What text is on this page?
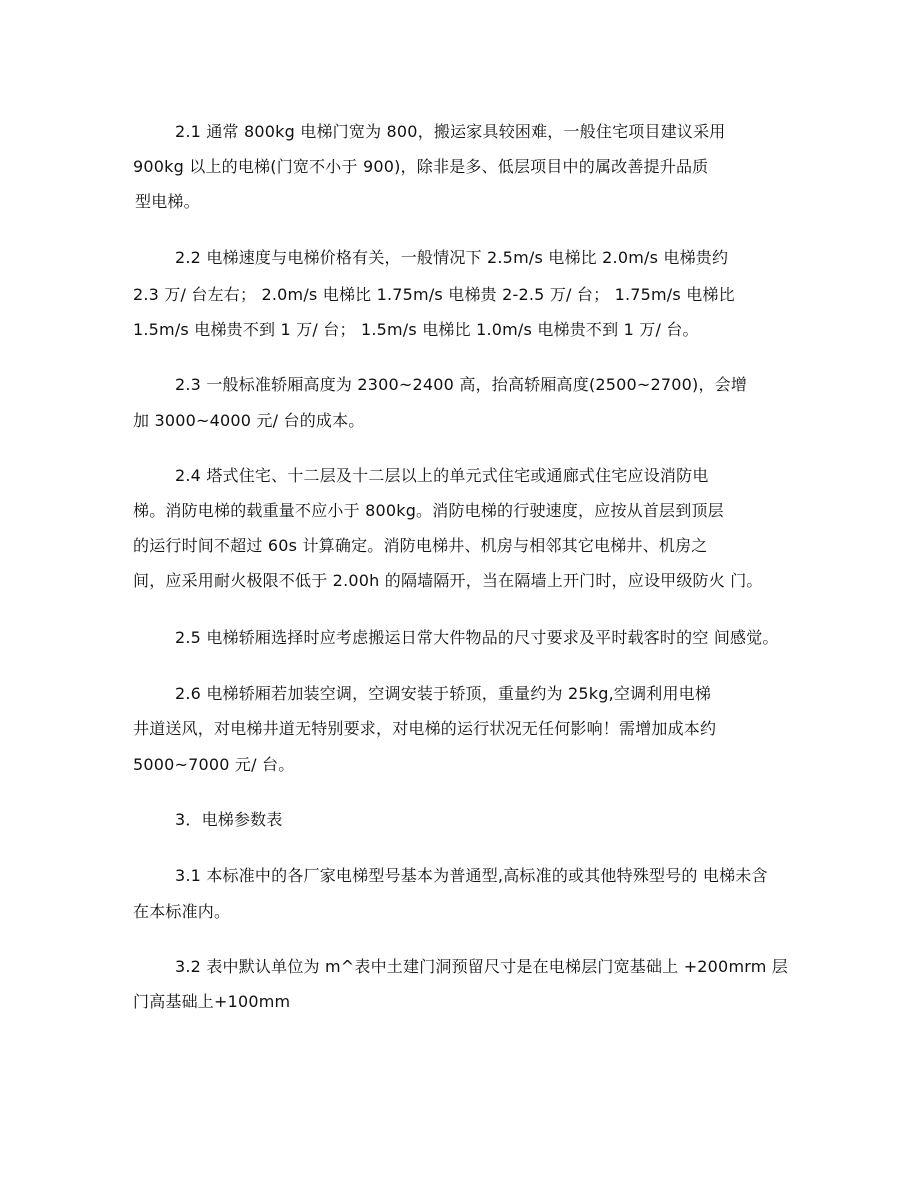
2.1 通常 800kg 电梯门宽为 800，搬运家具较困难，一般住宅项目建议采用
900kg 以上的电梯(门宽不小于 900)，除非是多、低层项目中的属改善提升品质
型电梯。
2.2 电梯速度与电梯价格有关，一般情况下 2.5m/s 电梯比 2.0m/s 电梯贵约
2.3 万/ 台左右； 2.0m/s 电梯比 1.75m/s 电梯贵 2-2.5 万/ 台； 1.75m/s 电梯比
1.5m/s 电梯贵不到 1 万/ 台； 1.5m/s 电梯比 1.0m/s 电梯贵不到 1 万/ 台。
2.3 一般标准轿厢高度为 2300~2400 高，抬高轿厢高度(2500~2700)，会增
加 3000~4000 元/ 台的成本。
2.4 塔式住宅、十二层及十二层以上的单元式住宅或通廊式住宅应设消防电
梯。消防电梯的载重量不应小于 800kg。消防电梯的行驶速度，应按从首层到顶层
的运行时间不超过 60s 计算确定。消防电梯井、机房与相邻其它电梯井、机房之
间，应采用耐火极限不低于 2.00h 的隔墙隔开，当在隔墙上开门时，应设甲级防火 门。
2.5 电梯轿厢选择时应考虑搬运日常大件物品的尺寸要求及平时载客时的空 间感觉。
2.6 电梯轿厢若加装空调，空调安装于轿顶，重量约为 25kg,空调利用电梯
井道送风，对电梯井道无特别要求，对电梯的运行状况无任何影响！需增加成本约
5000~7000 元/ 台。
3．电梯参数表
3.1 本标准中的各厂家电梯型号基本为普通型,高标准的或其他特殊型号的 电梯未含
在本标准内。
3.2 表中默认单位为 m^表中土建门洞预留尺寸是在电梯层门宽基础上 +200mrm 层
门高基础上+100mm
